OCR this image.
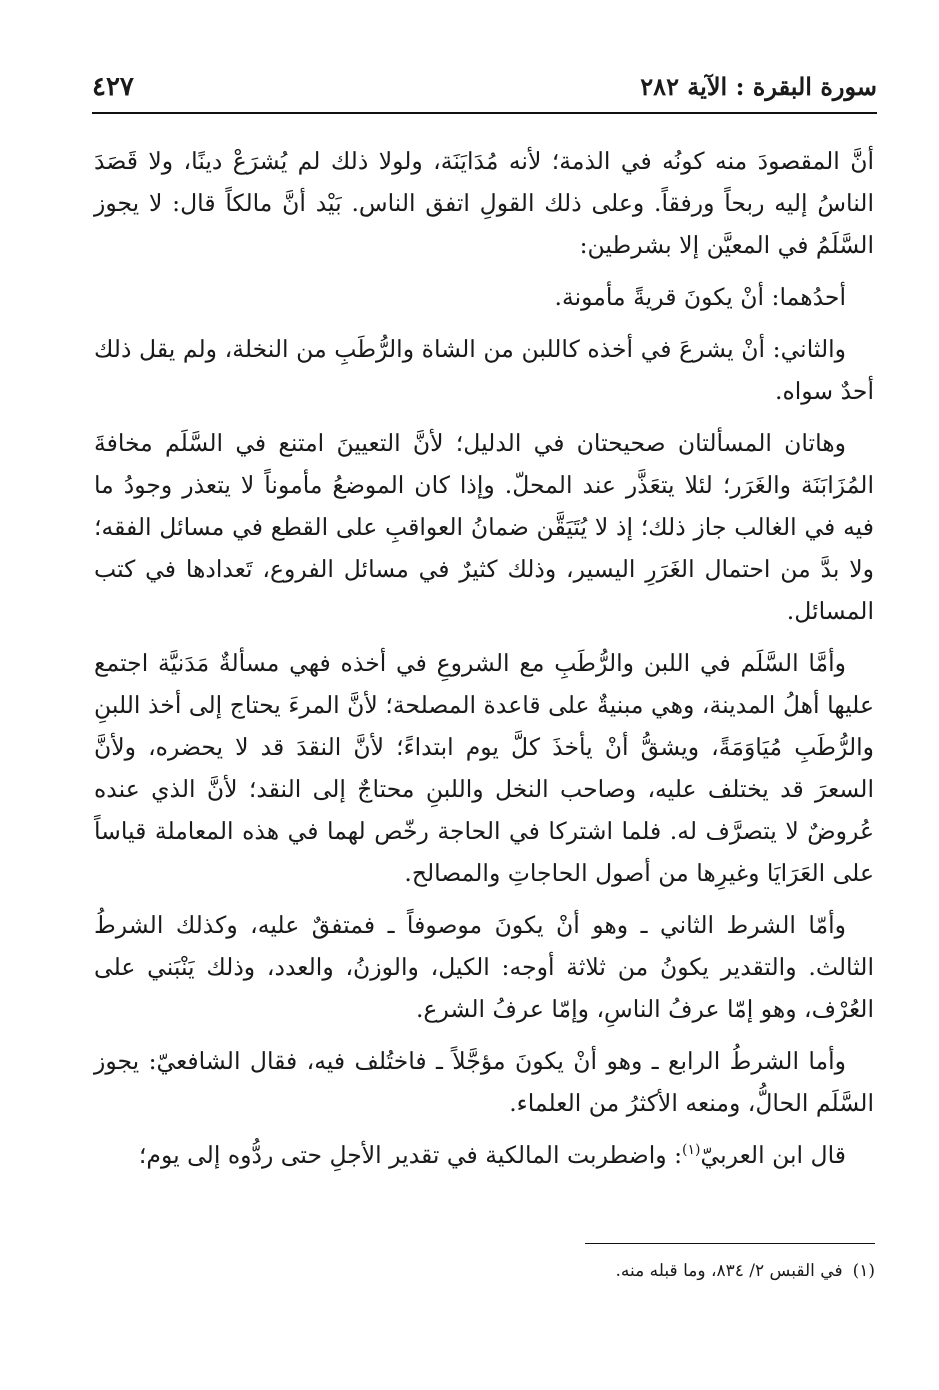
سورة البقرة : الآية ٢٨٢
٤٢٧

أنَّ المقصودَ منه كونُه في الذمة؛ لأنه مُدَايَنَة، ولولا ذلك لم يُشرَعْ دينًا، ولا قَصَدَ الناسُ إليه ربحاً ورفقاً. وعلى ذلك القولِ اتفق الناس. بَيْد أنَّ مالكاً قال: لا يجوز السَّلَمُ في المعيَّن إلا بشرطين:

أحدُهما: أنْ يكونَ قريةً مأمونة.

والثاني: أنْ يشرعَ في أخذه كاللبن من الشاة والرُّطَبِ من النخلة، ولم يقل ذلك أحدٌ سواه.

وهاتان المسألتان صحيحتان في الدليل؛ لأنَّ التعيينَ امتنع في السَّلَم مخافةَ المُزَابَنَة والغَرَر؛ لئلا يتعَذَّر عند المحلّ. وإذا كان الموضعُ مأموناً لا يتعذر وجودُ ما فيه في الغالب جاز ذلك؛ إذ لا يُتَيَقَّن ضمانُ العواقبِ على القطع في مسائل الفقه؛ ولا بدَّ من احتمال الغَرَرِ اليسير، وذلك كثيرٌ في مسائل الفروع، تَعدادها في كتب المسائل.

وأمَّا السَّلَم في اللبن والرُّطَبِ مع الشروعِ في أخذه فهي مسألةٌ مَدَنيَّة اجتمع عليها أهلُ المدينة، وهي مبنيةٌ على قاعدة المصلحة؛ لأنَّ المرءَ يحتاج إلى أخذ اللبنِ والرُّطَبِ مُيَاوَمَةً، ويشقُّ أنْ يأخذَ كلَّ يوم ابتداءً؛ لأنَّ النقدَ قد لا يحضره، ولأنَّ السعرَ قد يختلف عليه، وصاحب النخل واللبنِ محتاجٌ إلى النقد؛ لأنَّ الذي عنده عُروضٌ لا يتصرَّف له. فلما اشتركا في الحاجة رخّص لهما في هذه المعاملة قياساً على العَرَايَا وغيرِها من أصول الحاجاتِ والمصالح.

وأمّا الشرط الثاني ـ وهو أنْ يكونَ موصوفاً ـ فمتفقٌ عليه، وكذلك الشرطُ الثالث. والتقدير يكونُ من ثلاثة أوجه: الكيل، والوزنُ، والعدد، وذلك يَنْبَني على العُرْف، وهو إمّا عرفُ الناسِ، وإمّا عرفُ الشرع.

وأما الشرطُ الرابع ـ وهو أنْ يكونَ مؤجَّلاً ـ فاختُلف فيه، فقال الشافعيّ: يجوز السَّلَم الحالُّ، ومنعه الأكثرُ من العلماء.

قال ابن العربيّ$^{(١)}$: واضطربت المالكية في تقدير الأجلِ حتى ردُّوه إلى يوم؛

(١)في القبس ٢/ ٨٣٤، وما قبله منه.
